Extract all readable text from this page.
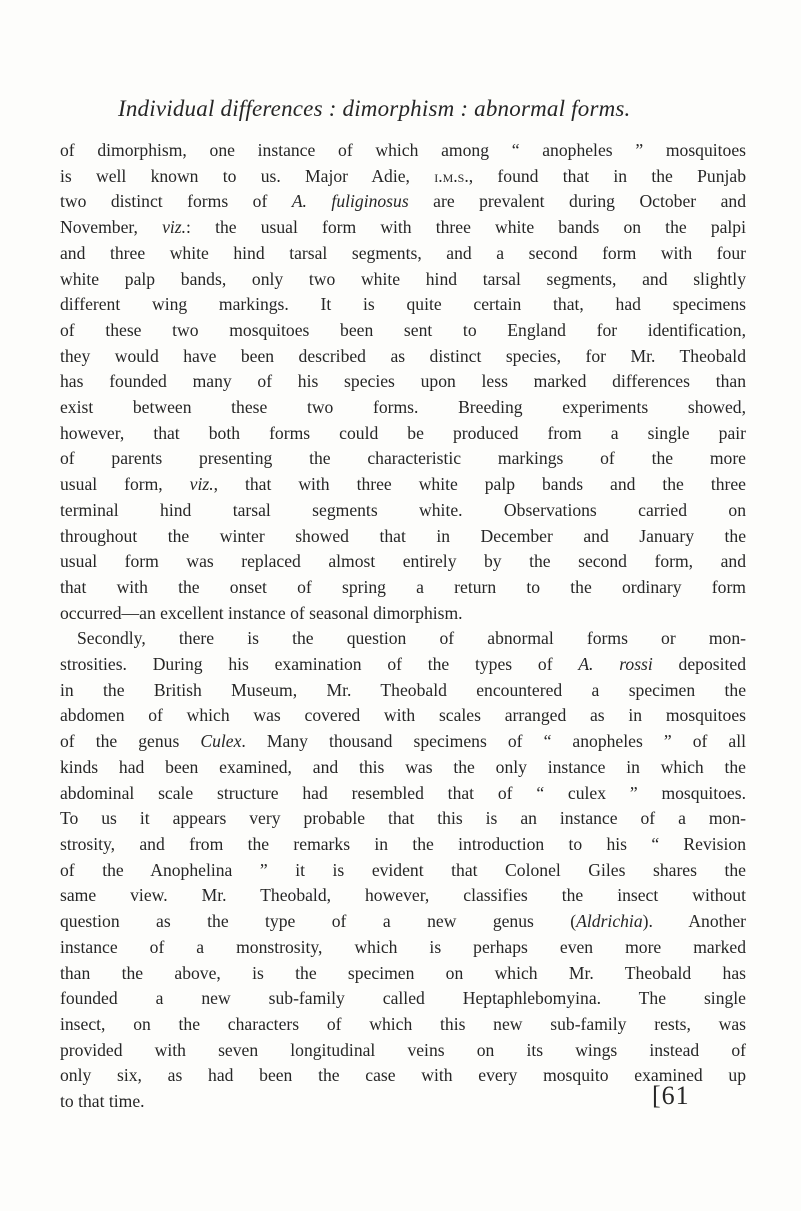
Individual differences : dimorphism : abnormal forms.

of dimorphism, one instance of which among “ anopheles ” mosquitoes

is well known to us. Major Adie, i.m.s., found that in the Punjab

two distinct forms of A. fuliginosus are prevalent during October and

November, viz.: the usual form with three white bands on the palpi

and three white hind tarsal segments, and a second form with four

white palp bands, only two white hind tarsal segments, and slightly

different wing markings. It is quite certain that, had specimens

of these two mosquitoes been sent to England for identification,

they would have been described as distinct species, for Mr. Theobald

has founded many of his species upon less marked differences than

exist between these two forms. Breeding experiments showed,

however, that both forms could be produced from a single pair

of parents presenting the characteristic markings of the more

usual form, viz., that with three white palp bands and the three

terminal hind tarsal segments white. Observations carried on

throughout the winter showed that in December and January the

usual form was replaced almost entirely by the second form, and

that with the onset of spring a return to the ordinary form

occurred—an excellent instance of seasonal dimorphism.

Secondly, there is the question of abnormal forms or mon-

strosities. During his examination of the types of A. rossi deposited

in the British Museum, Mr. Theobald encountered a specimen the

abdomen of which was covered with scales arranged as in mosquitoes

of the genus Culex. Many thousand specimens of “ anopheles ” of all

kinds had been examined, and this was the only instance in which the

abdominal scale structure had resembled that of “ culex ” mosquitoes.

To us it appears very probable that this is an instance of a mon-

strosity, and from the remarks in the introduction to his “ Revision

of the Anophelina ” it is evident that Colonel Giles shares the

same view. Mr. Theobald, however, classifies the insect without

question as the type of a new genus (Aldrichia). Another

instance of a monstrosity, which is perhaps even more marked

than the above, is the specimen on which Mr. Theobald has

founded a new sub-family called Heptaphlebomyina. The single

insect, on the characters of which this new sub-family rests, was

provided with seven longitudinal veins on its wings instead of

only six, as had been the case with every mosquito examined up

to that time.	[61
